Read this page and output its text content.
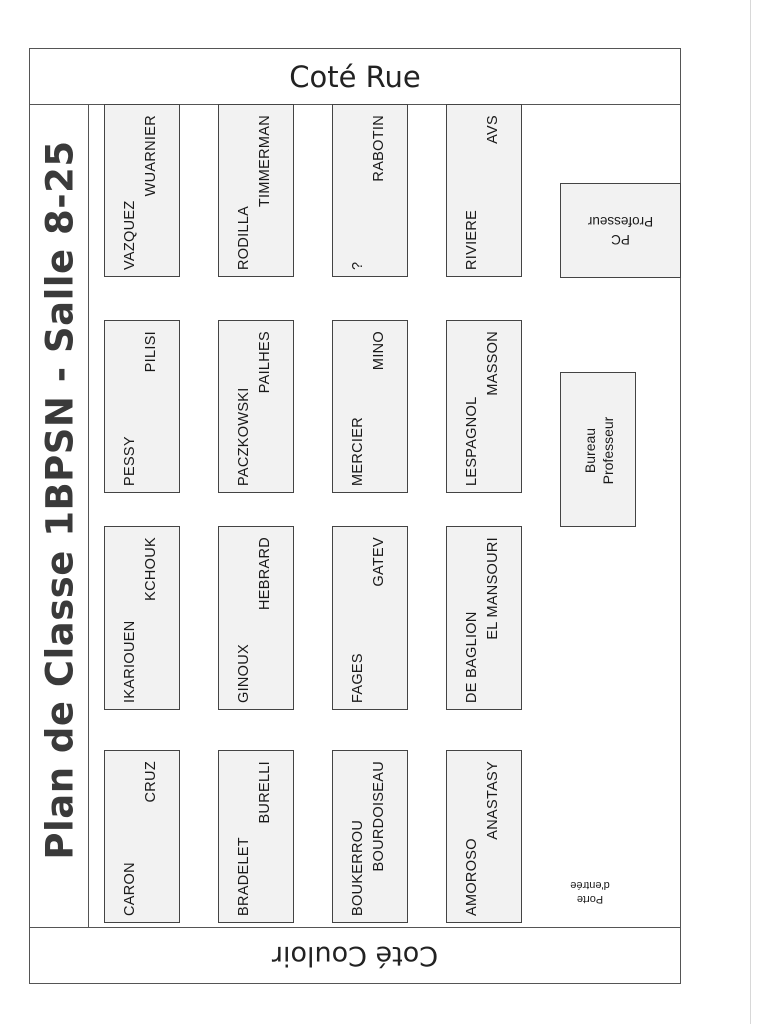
Coté Rue
Coté Couloir
Plan de Classe 1BPSN - Salle 8-25	VAZQUEZ
WUARNIER
PESSY
PILISI
IKARIOUEN
KCHOUK
CARON
CRUZ
RODILLA
TIMMERMAN
PACZKOWSKI
PAILHES
GINOUX
HEBRARD
BRADELET
BURELLI
?
RABOTIN
MERCIER
MINO
FAGES
GATEV
BOUKERROU BOURDOISEAU
RIVIERE
AVS
LESPAGNOL
MASSON
DE BAGLION
EL MANSOURI
AMOROSO
ANASTASY
PC
Professeur
Bureau Professeur
Porte
d'entrée
